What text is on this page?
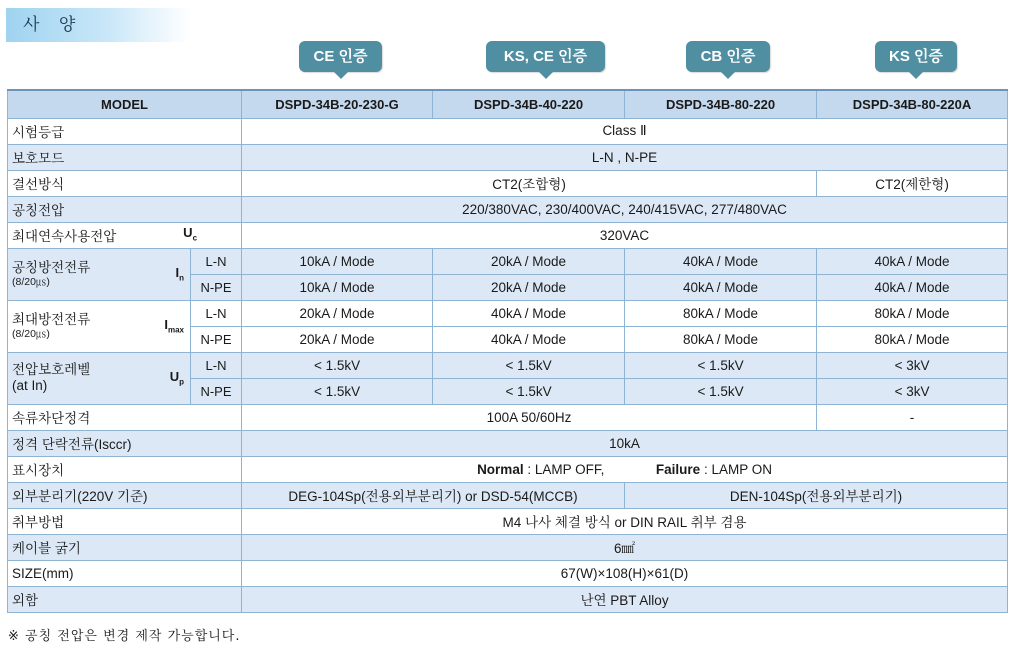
사 양
CE 인증	KS, CE 인증	CB 인증	KS 인증
MODEL		DSPD-34B-20-230-G	DSPD-34B-40-220	DSPD-34B-80-220	DSPD-34B-80-220A
시험등급		Class Ⅱ			
보호모드		L-N , N-PE			
결선방식		CT2(조합형)			CT2(제한형)
공칭전압		220/380VAC, 230/400VAC, 240/415VAC, 277/480VAC			
최대연속사용전압 $U_c$		320VAC			

공칭방전전류
(8/20㎲)
$I_n$	L-N	10kA / Mode	20kA / Mode	40kA / Mode	40kA / Mode
	N-PE	10kA / Mode	20kA / Mode	40kA / Mode	40kA / Mode

최대방전전류
(8/20㎲)
$I_{max}$	L-N	20kA / Mode	40kA / Mode	80kA / Mode	80kA / Mode
	N-PE	20kA / Mode	40kA / Mode	80kA / Mode	80kA / Mode

전압보호레벨
(at In)
$U_p$	L-N	< 1.5kV	< 1.5kV	< 1.5kV	< 3kV
	N-PE	< 1.5kV	< 1.5kV	< 1.5kV	< 3kV
속류차단정격		100A 50/60Hz			-
정격 단락전류(Isccr)		10kA			
표시장치		Normal : LAMP OFF, Failure : LAMP ON			
외부분리기(220V 기준)		DEG-104Sp(전용외부분리기) or DSD-54(MCCB)		DEN-104Sp(전용외부분리기)	
취부방법		M4 나사 체결 방식 or DIN RAIL 취부 겸용			
케이블 굵기		6㎟			
SIZE(mm)		67(W)×108(H)×61(D)			
외함		난연 PBT Alloy			
※ 공칭 전압은 변경 제작 가능합니다.
